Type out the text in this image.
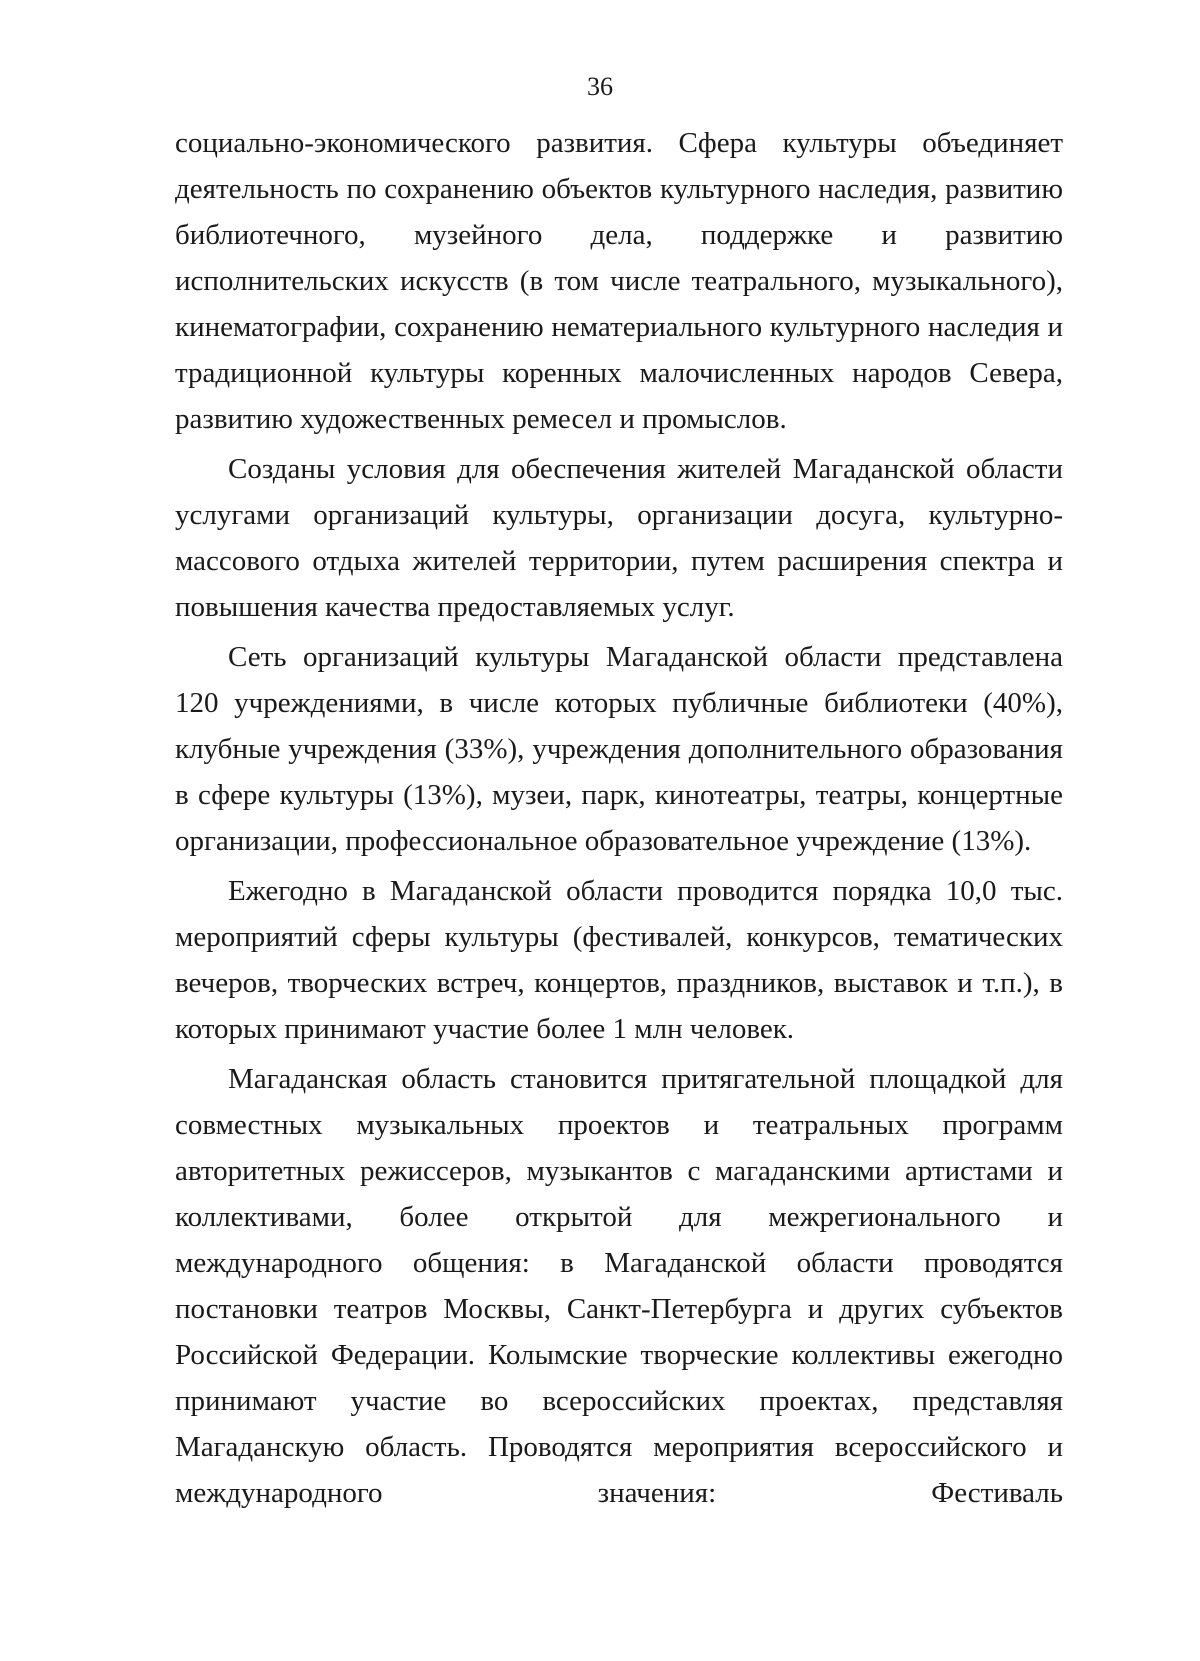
36

социально-экономического развития. Сфера культуры объединяет деятельность по сохранению объектов культурного наследия, развитию библиотечного, музейного дела, поддержке и развитию исполнительских искусств (в том числе театрального, музыкального), кинематографии, сохранению нематериального культурного наследия и традиционной культуры коренных малочисленных народов Севера, развитию художественных ремесел и промыслов.

Созданы условия для обеспечения жителей Магаданской области услугами организаций культуры, организации досуга, культурно-массового отдыха жителей территории, путем расширения спектра и повышения качества предоставляемых услуг.

Сеть организаций культуры Магаданской области представлена 120 учреждениями, в числе которых публичные библиотеки (40%), клубные учреждения (33%), учреждения дополнительного образования в сфере культуры (13%), музеи, парк, кинотеатры, театры, концертные организации, профессиональное образовательное учреждение (13%).

Ежегодно в Магаданской области проводится порядка 10,0 тыс. мероприятий сферы культуры (фестивалей, конкурсов, тематических вечеров, творческих встреч, концертов, праздников, выставок и т.п.), в которых принимают участие более 1 млн человек.

Магаданская область становится притягательной площадкой для совместных музыкальных проектов и театральных программ авторитетных режиссеров, музыкантов с магаданскими артистами и коллективами, более открытой для межрегионального и международного общения: в Магаданской области проводятся постановки театров Москвы, Санкт-Петербурга и других субъектов Российской Федерации. Колымские творческие коллективы ежегодно принимают участие во всероссийских проектах, представляя Магаданскую область. Проводятся мероприятия всероссийского и международного значения: Фестиваль
